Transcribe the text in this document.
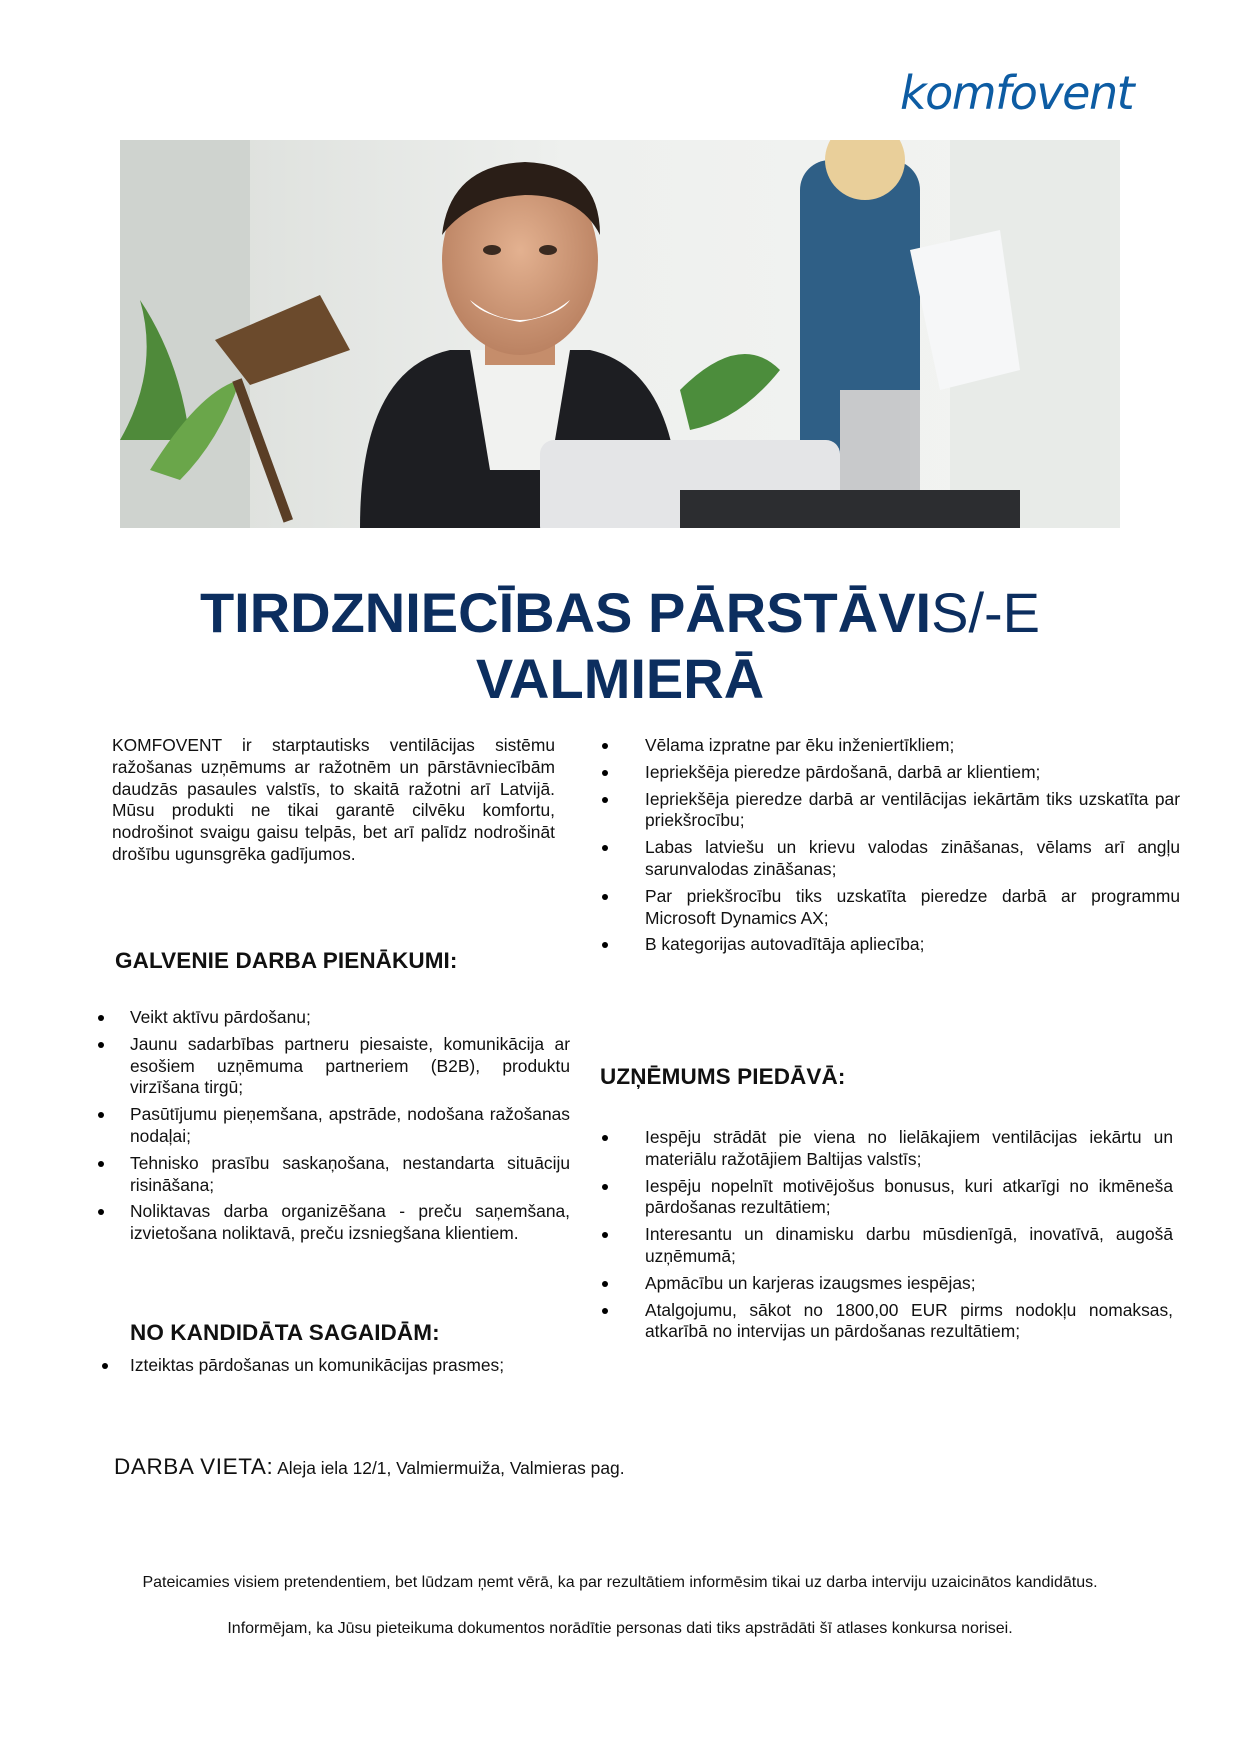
komfovent
TIRDZNIECĪBAS PĀRSTĀVIS/-E
VALMIERĀ

KOMFOVENT ir starptautisks ventilācijas sistēmu ražošanas uzņēmums ar ražotnēm un pārstāvniecībām daudzās pasaules valstīs, to skaitā ražotni arī Latvijā. Mūsu produkti ne tikai garantē cilvēku komfortu, nodrošinot svaigu gaisu telpās, bet arī palīdz nodrošināt drošību ugunsgrēka gadījumos.

GALVENIE DARBA PIENĀKUMI:
Veikt aktīvu pārdošanu;
Jaunu sadarbības partneru piesaiste, komunikācija ar esošiem uzņēmuma partneriem (B2B), produktu virzīšana tirgū;
Pasūtījumu pieņemšana, apstrāde, nodošana ražošanas nodaļai;
Tehnisko prasību saskaņošana, nestandarta situāciju risināšana;
Noliktavas darba organizēšana - preču saņemšana, izvietošana noliktavā, preču izsniegšana klientiem.
NO KANDIDĀTA SAGAIDĀM:
Izteiktas pārdošanas un komunikācijas prasmes;
Vēlama izpratne par ēku inženiertīkliem;
Iepriekšēja pieredze pārdošanā, darbā ar klientiem;
Iepriekšēja pieredze darbā ar ventilācijas iekārtām tiks uzskatīta par priekšrocību;
Labas latviešu un krievu valodas zināšanas, vēlams arī angļu sarunvalodas zināšanas;
Par priekšrocību tiks uzskatīta pieredze darbā ar programmu Microsoft Dynamics AX;
B kategorijas autovadītāja apliecība;
UZŅĒMUMS PIEDĀVĀ:
Iespēju strādāt pie viena no lielākajiem ventilācijas iekārtu un materiālu ražotājiem Baltijas valstīs;
Iespēju nopelnīt motivējošus bonusus, kuri atkarīgi no ikmēneša pārdošanas rezultātiem;
Interesantu un dinamisku darbu mūsdienīgā, inovatīvā, augošā uzņēmumā;
Apmācību un karjeras izaugsmes iespējas;
Atalgojumu, sākot no 1800,00 EUR pirms nodokļu nomaksas, atkarībā no intervijas un pārdošanas rezultātiem;
DARBA VIETA: Aleja iela 12/1, Valmiermuiža, Valmieras pag.
Pateicamies visiem pretendentiem, bet lūdzam ņemt vērā, ka par rezultātiem informēsim tikai uz darba interviju uzaicinātos kandidātus.
Informējam, ka Jūsu pieteikuma dokumentos norādītie personas dati tiks apstrādāti šī atlases konkursa norisei.
